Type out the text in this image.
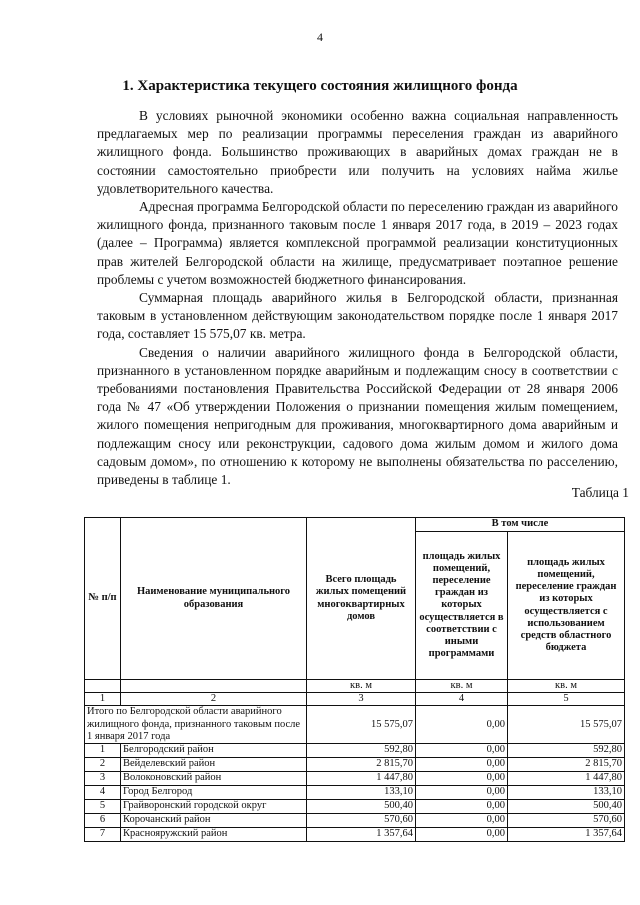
4
1. Характеристика текущего состояния жилищного фонда

В условиях рыночной экономики особенно важна социальная направленность предлагаемых мер по реализации программы переселения граждан из аварийного жилищного фонда. Большинство проживающих в аварийных домах граждан не в состоянии самостоятельно приобрести или получить на условиях найма жилье удовлетворительного качества.

Адресная программа Белгородской области по переселению граждан из аварийного жилищного фонда, признанного таковым после 1 января 2017 года, в 2019 – 2023 годах (далее – Программа) является комплексной программой реализации конституционных прав жителей Белгородской области на жилище, предусматривает поэтапное решение проблемы с учетом возможностей бюджетного финансирования.

Суммарная площадь аварийного жилья в Белгородской области, признанная таковым в установленном действующим законодательством порядке после 1 января 2017 года, составляет 15 575,07 кв. метра.

Сведения о наличии аварийного жилищного фонда в Белгородской области, признанного в установленном порядке аварийным и подлежащим сносу в соответствии с требованиями постановления Правительства Российской Федерации от 28 января 2006 года № 47 «Об утверждении Положения о признании помещения жилым помещением, жилого помещения непригодным для проживания, многоквартирного дома аварийным и подлежащим сносу или реконструкции, садового дома жилым домом и жилого дома садовым домом», по отношению к которому не выполнены обязательства по расселению, приведены в таблице 1.

Таблица 1
№ п/п	Наименование муниципального образования	Всего площадь жилых помещений многоквартирных домов	В том числе	
			площадь жилых помещений, переселение граждан из которых осуществляется в соответствии с иными программами	площадь жилых помещений, переселение граждан из которых осуществляется с использованием средств областного бюджета
		кв. м	кв. м	кв. м
1	2	3	4	5
Итого по Белгородской области аварийного жилищного фонда, признанного таковым после 1 января 2017 года		15 575,07	0,00	15 575,07
1	Белгородский район	592,80	0,00	592,80
2	Вейделевский район	2 815,70	0,00	2 815,70
3	Волоконовский район	1 447,80	0,00	1 447,80
4	Город Белгород	133,10	0,00	133,10
5	Грайворонский городской округ	500,40	0,00	500,40
6	Корочанский район	570,60	0,00	570,60
7	Краснояружский район	1 357,64	0,00	1 357,64
